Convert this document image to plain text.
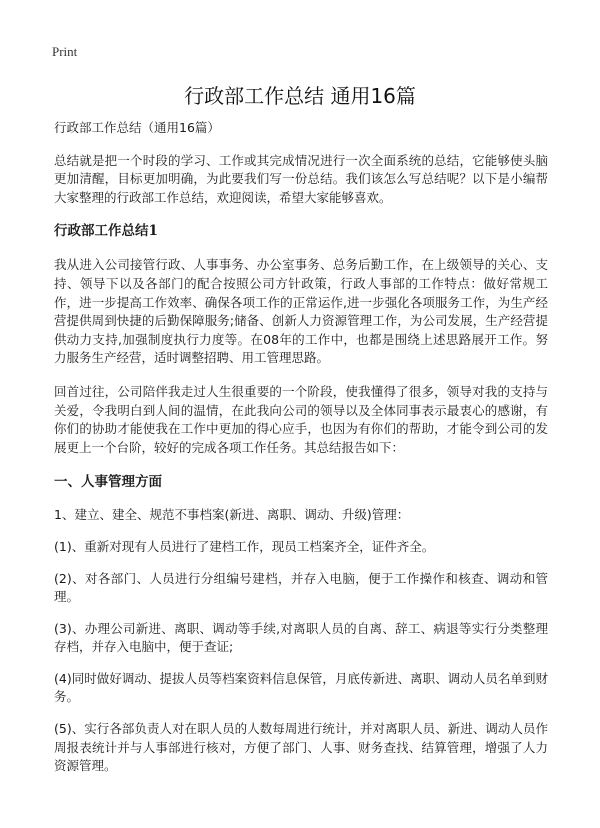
Print
行政部工作总结 通用16篇

行政部工作总结（通用16篇）

总结就是把一个时段的学习、工作或其完成情况进行一次全面系统的总结，它能够使头脑更加清醒，目标更加明确，为此要我们写一份总结。我们该怎么写总结呢？以下是小编帮大家整理的行政部工作总结，欢迎阅读，希望大家能够喜欢。

行政部工作总结1

我从进入公司接管行政、人事事务、办公室事务、总务后勤工作，在上级领导的关心、支持、领导下以及各部门的配合按照公司方针政策，行政人事部的工作特点：做好常规工作，进一步提高工作效率、确保各项工作的正常运作,进一步强化各项服务工作，为生产经营提供周到快捷的后勤保障服务;储备、创新人力资源管理工作，为公司发展，生产经营提供动力支持,加强制度执行力度等。在08年的工作中，也都是围绕上述思路展开工作。努力服务生产经营，适时调整招聘、用工管理思路。

回首过往，公司陪伴我走过人生很重要的一个阶段，使我懂得了很多，领导对我的支持与关爱，令我明白到人间的温情，在此我向公司的领导以及全体同事表示最衷心的感谢，有你们的协助才能使我在工作中更加的得心应手，也因为有你们的帮助，才能令到公司的发展更上一个台阶，较好的完成各项工作任务。其总结报告如下：

一、人事管理方面

1、建立、建全、规范不事档案(新进、离职、调动、升级)管理：

(1)、重新对现有人员进行了建档工作，现员工档案齐全，证件齐全。

(2)、对各部门、人员进行分组编号建档，并存入电脑，便于工作操作和核查、调动和管理。

(3)、办理公司新进、离职、调动等手续,对离职人员的自离、辞工、病退等实行分类整理存档，并存入电脑中，便于查证;

(4)同时做好调动、提拔人员等档案资料信息保管，月底传新进、离职、调动人员名单到财务。

(5)、实行各部负责人对在职人员的人数每周进行统计，并对离职人员、新进、调动人员作周报表统计并与人事部进行核对，方便了部门、人事、财务查找、结算管理，增强了人力资源管理。
